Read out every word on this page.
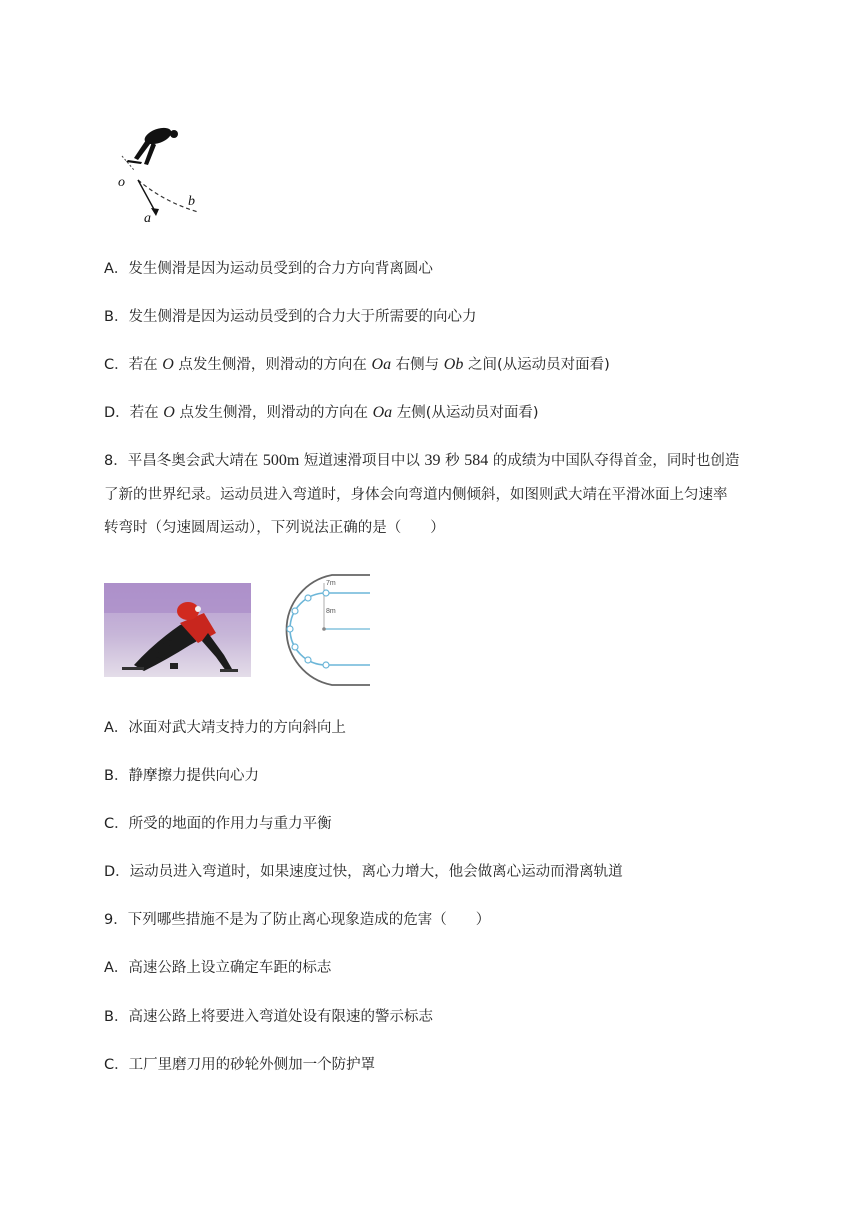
o
a
b
A．发生侧滑是因为运动员受到的合力方向背离圆心
B．发生侧滑是因为运动员受到的合力大于所需要的向心力
C．若在 O 点发生侧滑，则滑动的方向在 Oa 右侧与 Ob 之间(从运动员对面看)
D．若在 O 点发生侧滑，则滑动的方向在 Oa 左侧(从运动员对面看)
8．平昌冬奥会武大靖在 500m 短道速滑项目中以 39 秒 584 的成绩为中国队夺得首金，同时也创造
了新的世界纪录。运动员进入弯道时，身体会向弯道内侧倾斜，如图则武大靖在平滑冰面上匀速率
转弯时（匀速圆周运动），下列说法正确的是（　　）
7m
8m
A．冰面对武大靖支持力的方向斜向上
B．静摩擦力提供向心力
C．所受的地面的作用力与重力平衡
D．运动员进入弯道时，如果速度过快，离心力增大，他会做离心运动而滑离轨道
9．下列哪些措施不是为了防止离心现象造成的危害（　　）
A．高速公路上设立确定车距的标志
B．高速公路上将要进入弯道处设有限速的警示标志
C．工厂里磨刀用的砂轮外侧加一个防护罩
